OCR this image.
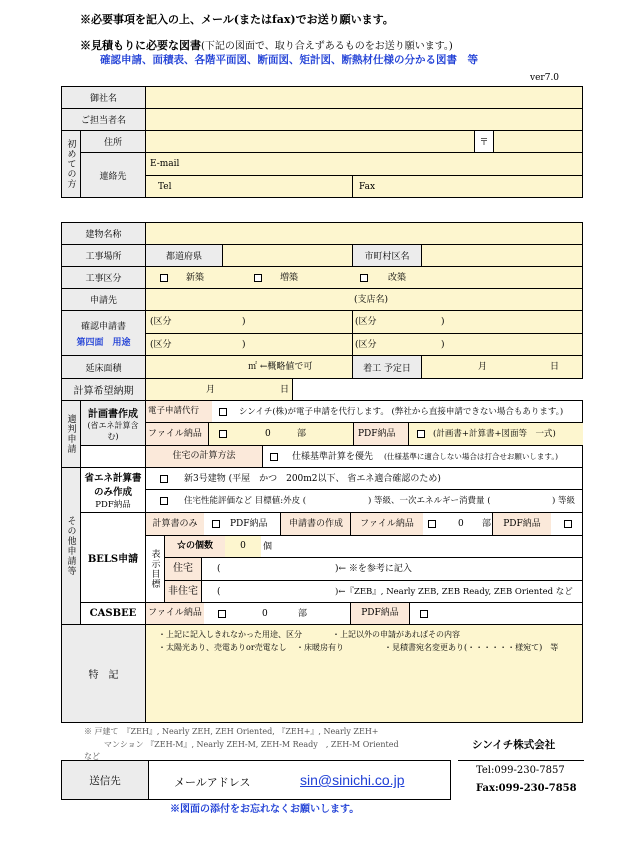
※必要事項を記入の上、メール(またはfax)でお送り願います。
※見積もりに必要な図書(下記の図面で、取り合えずあるものをお送り願います。)
確認申請、面積表、各階平面図、断面図、矩計図、断熱材仕様の分かる図書　等
ver7.0
御社名
ご担当者名
初めての方	住所	〒
連絡先
E-mail
Tel	Fax
建物名称
工事場所	都道府県	市町村区名
工事区分	新築	増築	改築
申請先	(支店名)
確認申請書
第四面　用途
(区分	)	(区分	)
(区分	)	(区分	)
延床面積	㎡ ←概略値で可	着工 予定日	月	日
計算希望納期	月	日
適判申請 計画書作成
(省エネ計算含む)
電子申請代行	シンイチ(株)が電子申請を代行します。 (弊社から直接申請できない場合もあります。)
ファイル納品	0	部	PDF納品	(計画書+計算書+図面等　一式)
住宅の計算方法	仕様基準計算を優先 (仕様基準に適合しない場合は打合せお願いします。)
その他申請等
省エネ計算書
のみ作成
PDF納品
新3号建物 (平屋　かつ　200m2以下、 省エネ適合確認のため)
住宅性能評価など 目標値:外皮 (	) 等級、一次エネルギー消費量 (	) 等級
BELS申請
計算書のみ	PDF納品	申請書の作成	ファイル納品	0 部	PDF納品
表示目標
☆の個数	0	個
住宅	(	)← ※を参考に記入
非住宅	(	)←『ZEB』, Nearly ZEB, ZEB Ready, ZEB Oriented など
CASBEE ファイル納品	0	部	PDF納品
特　記
・上記に記入しきれなかった用途、区分	・上記以外の申請があればその内容
・太陽光あり、売電ありor売電なし ・床暖房有り	・見積書宛名変更あり(・・・・・・様宛て)　等
※ 戸建て　『ZEH』, Nearly ZEH, ZEH Oriented, 『ZEH+』, Nearly ZEH+
マンション 『ZEH-M』, Nearly ZEH-M, ZEH-M Ready　, ZEH-M Oriented
など
シンイチ株式会社
Tel:099-230-7857
Fax:099-230-7858
送信先	メールアドレス	sin@sinichi.co.jp
※図面の添付をお忘れなくお願いします。
